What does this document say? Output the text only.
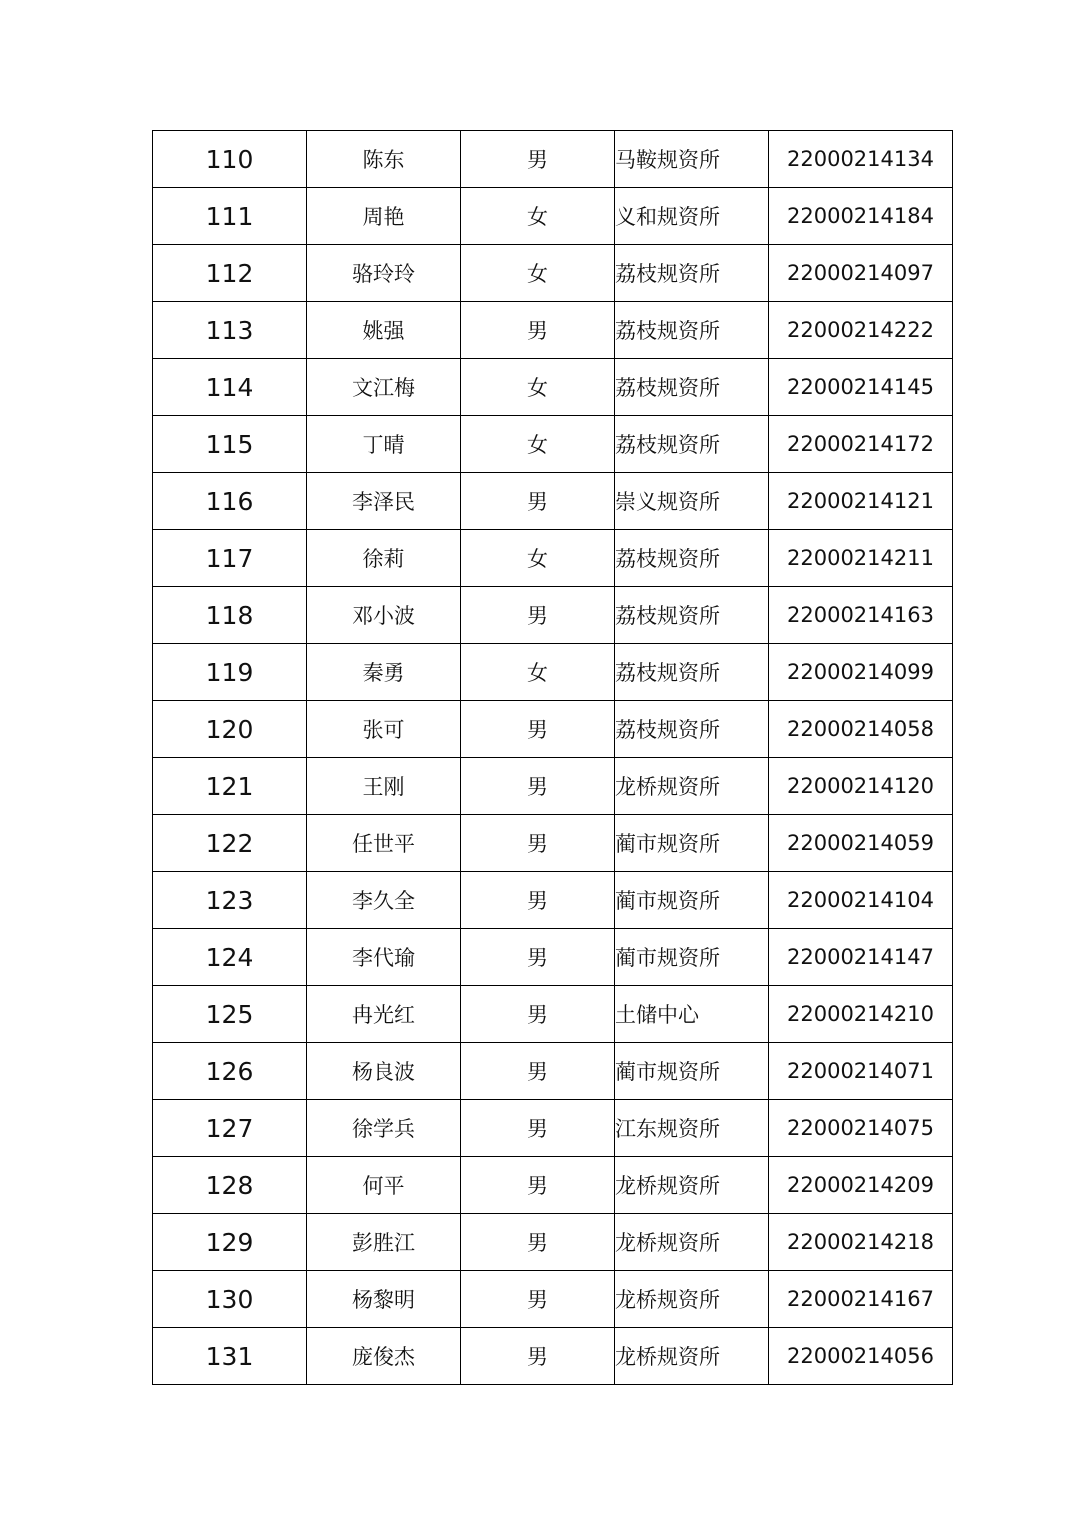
110	陈东	男	马鞍规资所	22000214134
111	周艳	女	义和规资所	22000214184
112	骆玲玲	女	荔枝规资所	22000214097
113	姚强	男	荔枝规资所	22000214222
114	文江梅	女	荔枝规资所	22000214145
115	丁晴	女	荔枝规资所	22000214172
116	李泽民	男	崇义规资所	22000214121
117	徐莉	女	荔枝规资所	22000214211
118	邓小波	男	荔枝规资所	22000214163
119	秦勇	女	荔枝规资所	22000214099
120	张可	男	荔枝规资所	22000214058
121	王刚	男	龙桥规资所	22000214120
122	任世平	男	蔺市规资所	22000214059
123	李久全	男	蔺市规资所	22000214104
124	李代瑜	男	蔺市规资所	22000214147
125	冉光红	男	土储中心	22000214210
126	杨良波	男	蔺市规资所	22000214071
127	徐学兵	男	江东规资所	22000214075
128	何平	男	龙桥规资所	22000214209
129	彭胜江	男	龙桥规资所	22000214218
130	杨黎明	男	龙桥规资所	22000214167
131	庞俊杰	男	龙桥规资所	22000214056
